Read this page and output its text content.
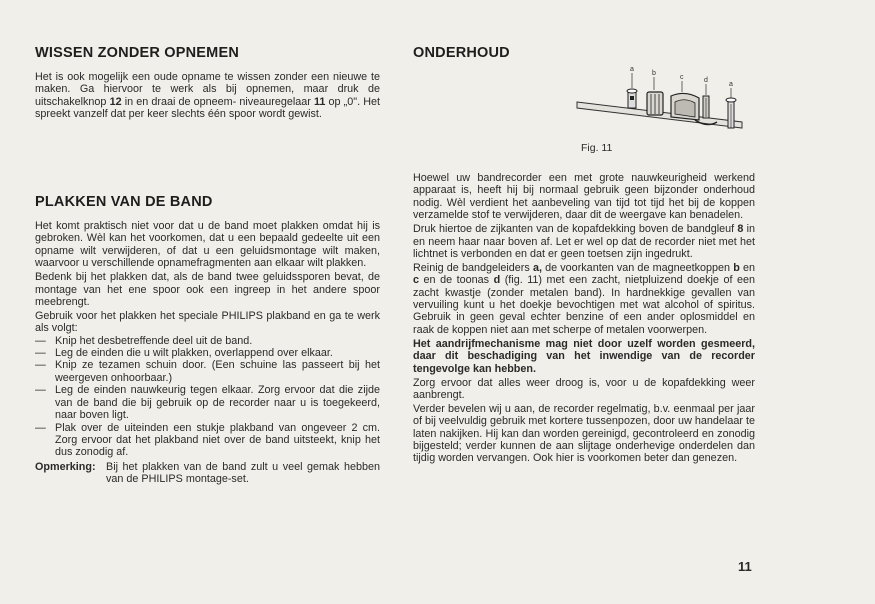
WISSEN ZONDER OPNEMEN

Het is ook mogelijk een oude opname te wissen zonder een nieuwe te maken. Ga hiervoor te werk als bij opnemen, maar druk de uitschakelknop 12 in en draai de opneem- niveauregelaar 11 op „0". Het spreekt vanzelf dat per keer slechts één spoor wordt gewist.

PLAKKEN VAN DE BAND

Het komt praktisch niet voor dat u de band moet plakken omdat hij is gebroken. Wèl kan het voorkomen, dat u een bepaald gedeelte uit een opname wilt verwijderen, of dat u een geluidsmontage wilt maken, waarvoor u verschillende opnamefragmenten aan elkaar wilt plakken.

Bedenk bij het plakken dat, als de band twee geluidssporen bevat, de montage van het ene spoor ook een ingreep in het andere spoor meebrengt.

Gebruik voor het plakken het speciale PHILIPS plakband en ga te werk als volgt:

— Knip het desbetreffende deel uit de band.
— Leg de einden die u wilt plakken, overlappend over elkaar.
— Knip ze tezamen schuin door. (Een schuine las passeert bij het weergeven onhoorbaar.)
— Leg de einden nauwkeurig tegen elkaar. Zorg ervoor dat die zijde van de band die bij gebruik op de recorder naar u is toegekeerd, naar boven ligt.
— Plak over de uiteinden een stukje plakband van ongeveer 2 cm. Zorg ervoor dat het plakband niet over de band uitsteekt, knip het dus zonodig af.
Opmerking: Bij het plakken van de band zult u veel gemak hebben van de PHILIPS montage-set.
ONDERHOUD
a
b
c	d
a
Fig. 11

Hoewel uw bandrecorder een met grote nauwkeurigheid werkend apparaat is, heeft hij bij normaal gebruik geen bijzonder onderhoud nodig. Wèl verdient het aanbeveling van tijd tot tijd het bij de koppen verzamelde stof te verwijderen, daar dit de weergave kan benadelen.

Druk hiertoe de zijkanten van de kopafdekking boven de bandgleuf 8 in en neem haar naar boven af. Let er wel op dat de recorder niet met het lichtnet is verbonden en dat er geen toetsen zijn ingedrukt.

Reinig de bandgeleiders a, de voorkanten van de magneetkoppen b en c en de toonas d (fig. 11) met een zacht, nietpluizend doekje of een zacht kwastje (zonder metalen band). In hardnekkige gevallen van vervuiling kunt u het doekje bevochtigen met wat alcohol of spiritus. Gebruik in geen geval echter benzine of een ander oplosmiddel en raak de koppen niet aan met scherpe of metalen voorwerpen.

Het aandrijfmechanisme mag niet door uzelf worden gesmeerd, daar dit beschadiging van het inwendige van de recorder tengevolge kan hebben.

Zorg ervoor dat alles weer droog is, voor u de kopafdekking weer aanbrengt.

Verder bevelen wij u aan, de recorder regelmatig, b.v. eenmaal per jaar of bij veelvuldig gebruik met kortere tussenpozen, door uw handelaar te laten nakijken. Hij kan dan worden gereinigd, gecontroleerd en zonodig bijgesteld; verder kunnen de aan slijtage onderhevige onderdelen dan tijdig worden vervangen. Ook hier is voorkomen beter dan genezen.

11
